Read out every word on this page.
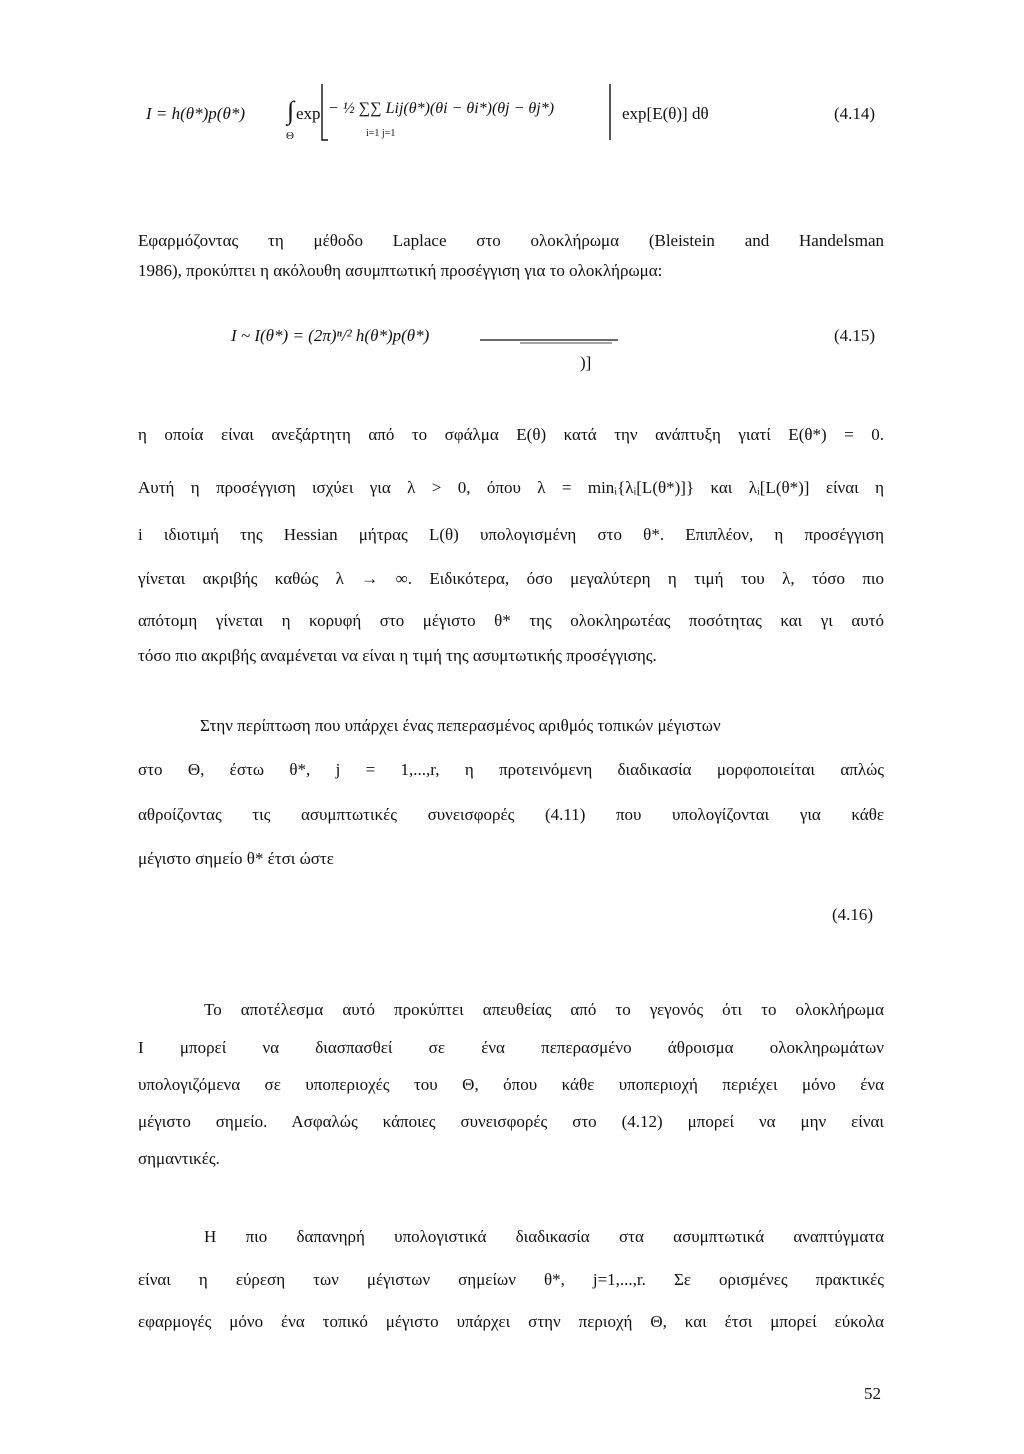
I = h(θ*)p(θ*) ∫
Θ
exp − ½ ∑∑ Lij(θ*)(θi − θi*)(θj − θj*)
i=1 j=1
exp[E(θ)] dθ	(4.14)
Εφαρμόζοντας τη μέθοδο Laplace στο ολοκλήρωμα (Bleistein and Handelsman
1986), προκύπτει η ακόλουθη ασυμπτωτική προσέγγιση για το ολοκλήρωμα:
I ~ I(θ*) = (2π)ⁿ/² h(θ*)p(θ*)
)]
(4.15)
η οποία είναι ανεξάρτητη από το σφάλμα E(θ) κατά την ανάπτυξη γιατί E(θ*) = 0.
Αυτή η προσέγγιση ισχύει για λ > 0, όπου λ = minᵢ{λᵢ[L(θ*)]} και λᵢ[L(θ*)] είναι η
i ιδιοτιμή της Hessian μήτρας L(θ) υπολογισμένη στο θ*. Επιπλέον, η προσέγγιση
γίνεται ακριβής καθώς λ → ∞. Ειδικότερα, όσο μεγαλύτερη η τιμή του λ, τόσο πιο
απότομη γίνεται η κορυφή στο μέγιστο θ* της ολοκληρωτέας ποσότητας και γι αυτό
τόσο πιο ακριβής αναμένεται να είναι η τιμή της ασυμτωτικής προσέγγισης.
Στην περίπτωση που υπάρχει ένας πεπερασμένος αριθμός τοπικών μέγιστων
στο Θ, έστω θ*, j = 1,...,r, η προτεινόμενη διαδικασία μορφοποιείται απλώς
αθροίζοντας τις ασυμπτωτικές συνεισφορές (4.11) που υπολογίζονται για κάθε
μέγιστο σημείο θ* έτσι ώστε
(4.16)
Το αποτέλεσμα αυτό προκύπτει απευθείας από το γεγονός ότι το ολοκλήρωμα
I μπορεί να διασπασθεί σε ένα πεπερασμένο άθροισμα ολοκληρωμάτων
υπολογιζόμενα σε υποπεριοχές του Θ, όπου κάθε υποπεριοχή περιέχει μόνο ένα
μέγιστο σημείο. Ασφαλώς κάποιες συνεισφορές στο (4.12) μπορεί να μην είναι
σημαντικές.
Η πιο δαπανηρή υπολογιστικά διαδικασία στα ασυμπτωτικά αναπτύγματα
είναι η εύρεση των μέγιστων σημείων θ*, j=1,...,r. Σε ορισμένες πρακτικές
εφαρμογές μόνο ένα τοπικό μέγιστο υπάρχει στην περιοχή Θ, και έτσι μπορεί εύκολα
52
